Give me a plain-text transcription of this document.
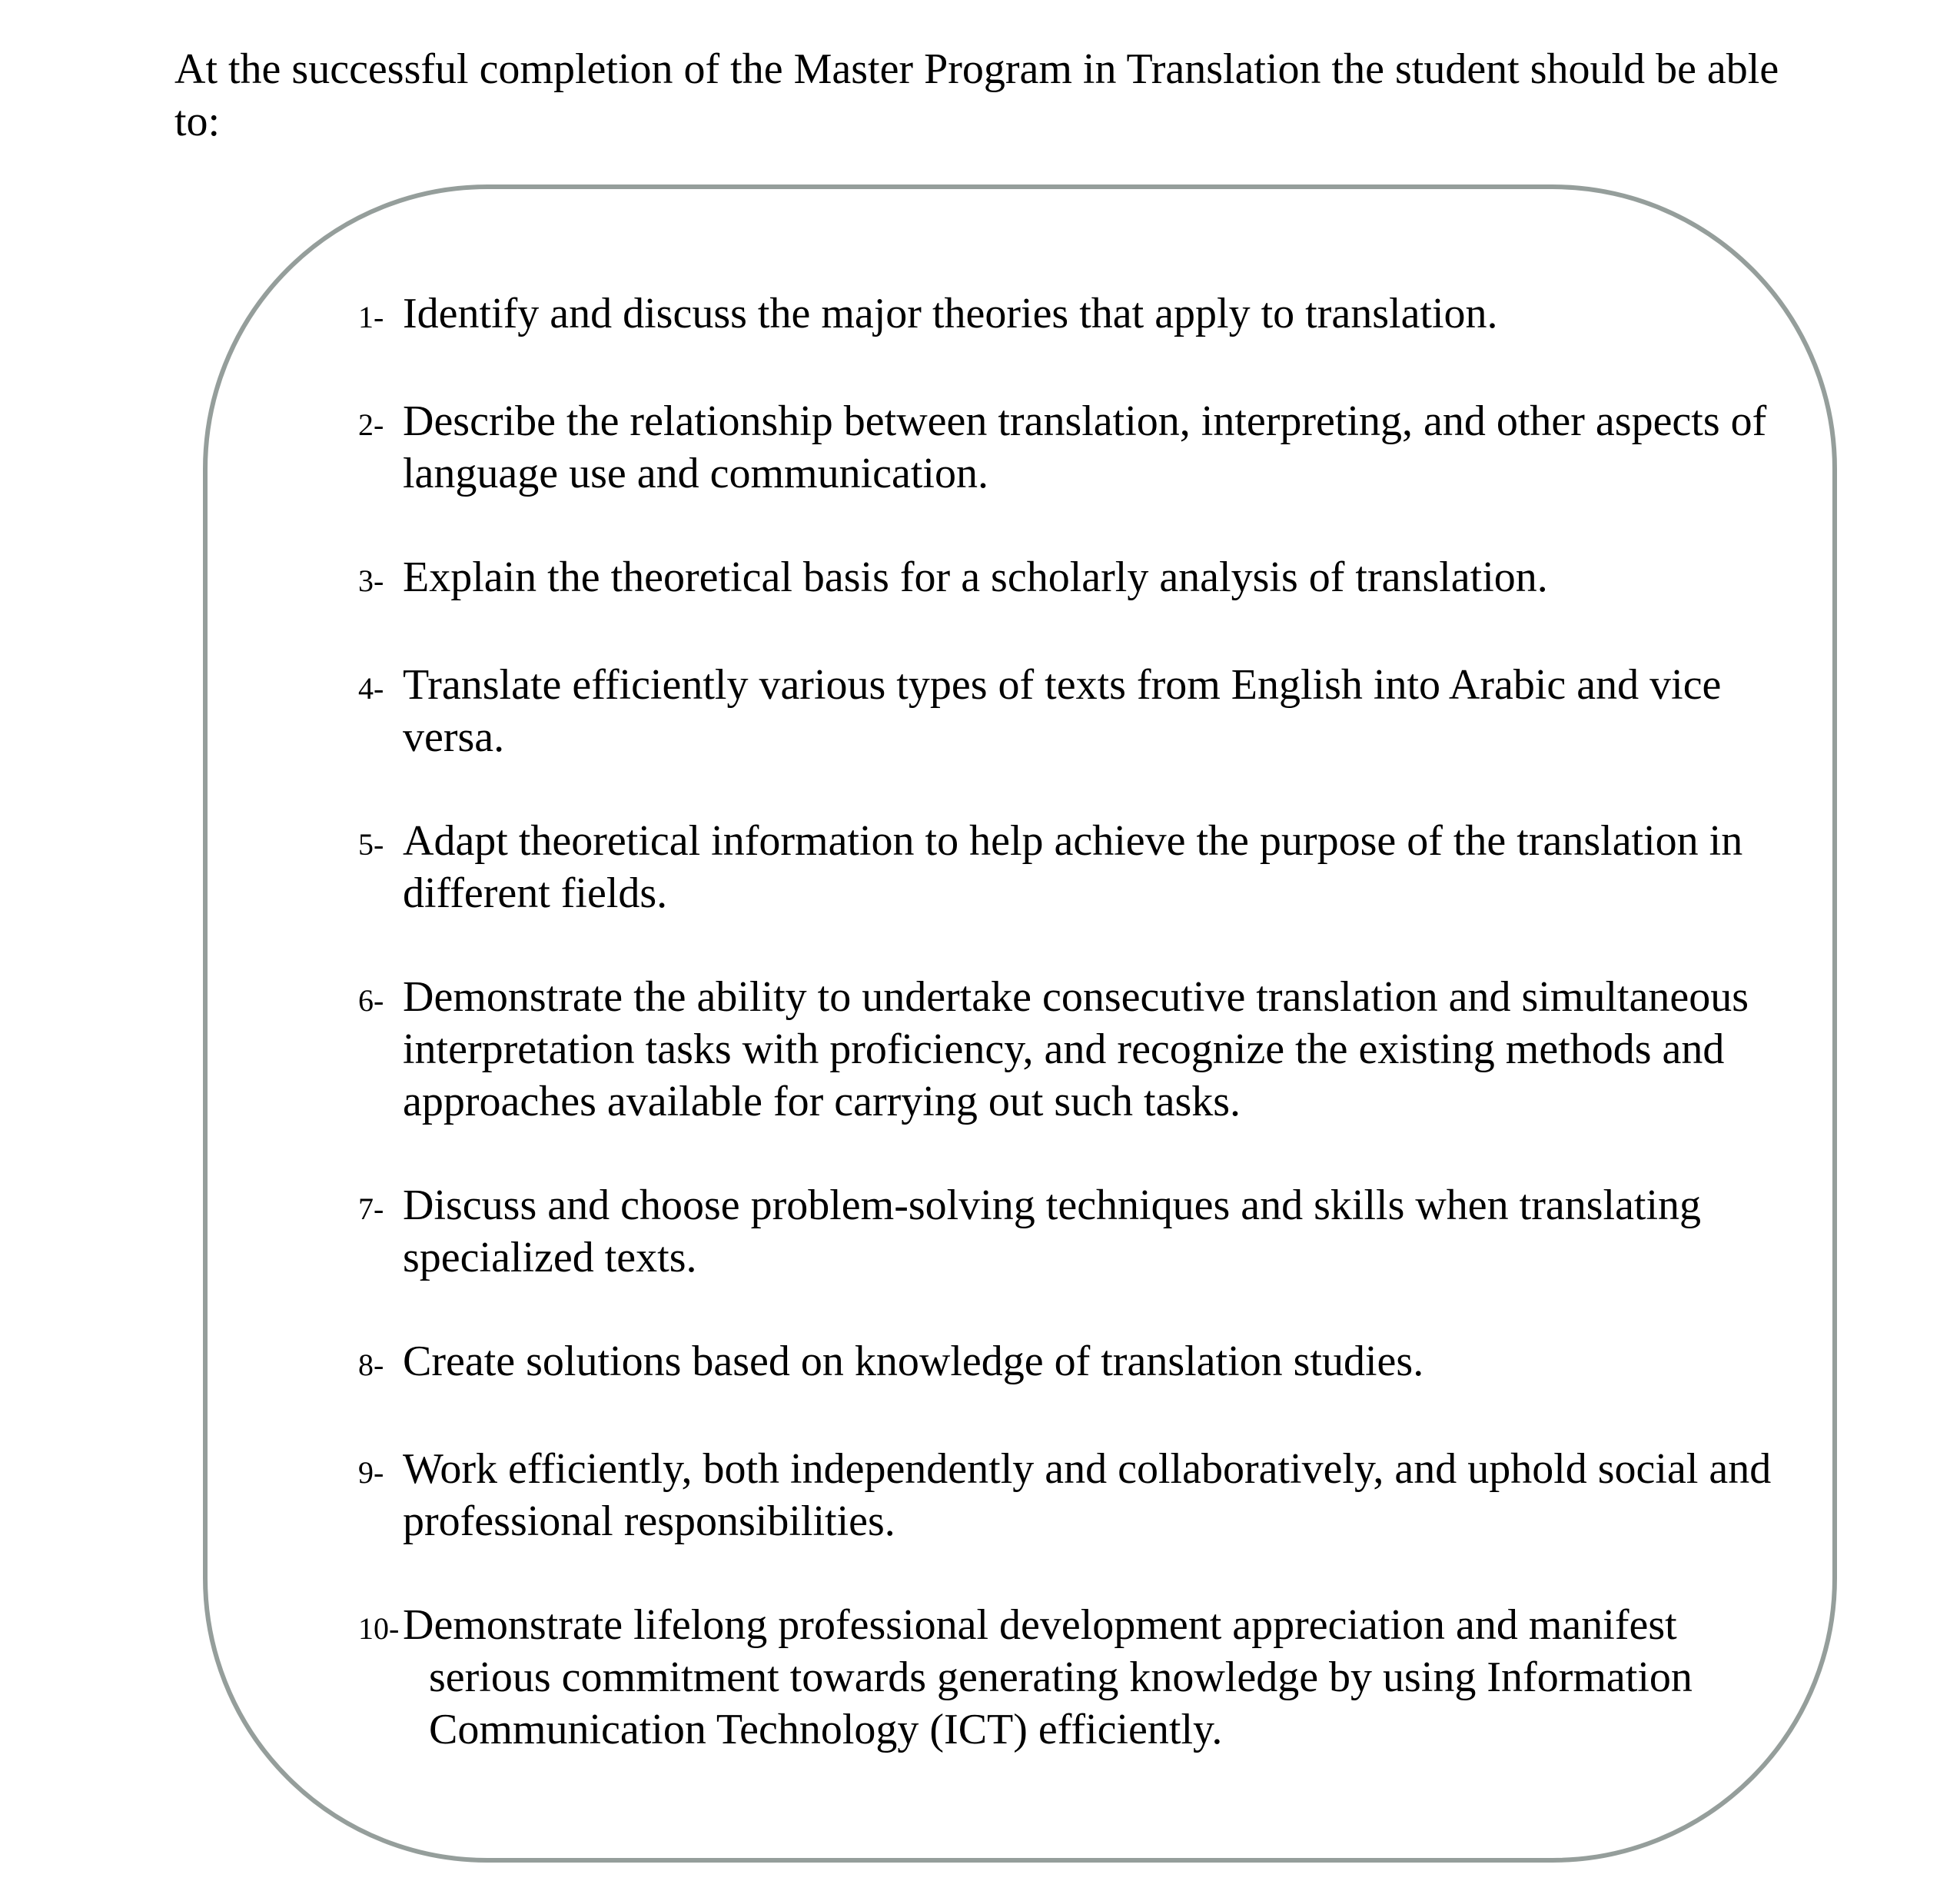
At the successful completion of the Master Program in Translation the student should be able to:

1- Identify and discuss the major theories that apply to translation.
2- Describe the relationship between translation, interpreting, and other aspects of language use and communication.
3- Explain the theoretical basis for a scholarly analysis of translation.
4- Translate efficiently various types of texts from English into Arabic and vice versa.
5- Adapt theoretical information to help achieve the purpose of the translation in different fields.
6- Demonstrate the ability to undertake consecutive translation and simultaneous interpretation tasks with proficiency, and recognize the existing methods and approaches available for carrying out such tasks.
7- Discuss and choose problem-solving techniques and skills when translating specialized texts.
8- Create solutions based on knowledge of translation studies.
9- Work efficiently, both independently and collaboratively, and uphold social and professional responsibilities.
10- Demonstrate lifelong professional development appreciation and manifest serious commitment towards generating knowledge by using Information Communication Technology (ICT) efficiently.
